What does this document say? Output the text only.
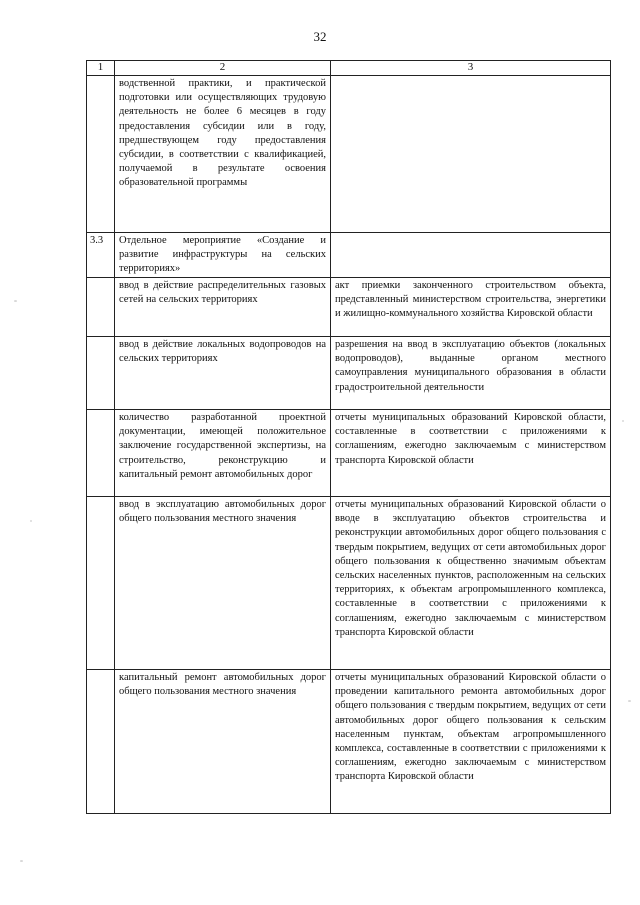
32
1	2	3
	водственной практики, и практической подготовки или осуществляющих трудовую деятельность не более 6 месяцев в году предоставления субсидии или в году, предшествующем году предоставления субсидии, в соответствии с квалификацией, получаемой в результате освоения образовательной программы	
3.3	Отдельное мероприятие «Создание и развитие инфраструктуры на сельских территориях»	
	ввод в действие распределительных газовых сетей на сельских территориях	акт приемки законченного строительством объекта, представленный министерством строительства, энергетики и жилищно-коммунального хозяйства Кировской области
	ввод в действие локальных водопроводов на сельских территориях	разрешения на ввод в эксплуатацию объектов (локальных водопроводов), выданные органом местного самоуправления муниципального образования в области градостроительной деятельности
	количество разработанной проектной документации, имеющей положительное заключение государственной экспертизы, на строительство, реконструкцию и капитальный ремонт автомобильных дорог	отчеты муниципальных образований Кировской области, составленные в соответствии с приложениями к соглашениям, ежегодно заключаемым с министерством транспорта Кировской области
	ввод в эксплуатацию автомобильных дорог общего пользования местного значения	отчеты муниципальных образований Кировской области о вводе в эксплуатацию объектов строительства и реконструкции автомобильных дорог общего пользования с твердым покрытием, ведущих от сети автомобильных дорог общего пользования к общественно значимым объектам сельских населенных пунктов, расположенным на сельских территориях, к объектам агропромышленного комплекса, составленные в соответствии с приложениями к соглашениям, ежегодно заключаемым с министерством транспорта Кировской области
	капитальный ремонт автомобильных дорог общего пользования местного значения	отчеты муниципальных образований Кировской области о проведении капитального ремонта автомобильных дорог общего пользования с твердым покрытием, ведущих от сети автомобильных дорог общего пользования к сельским населенным пунктам, объектам агропромышленного комплекса, составленные в соответствии с приложениями к соглашениям, ежегодно заключаемым с министерством транспорта Кировской области
